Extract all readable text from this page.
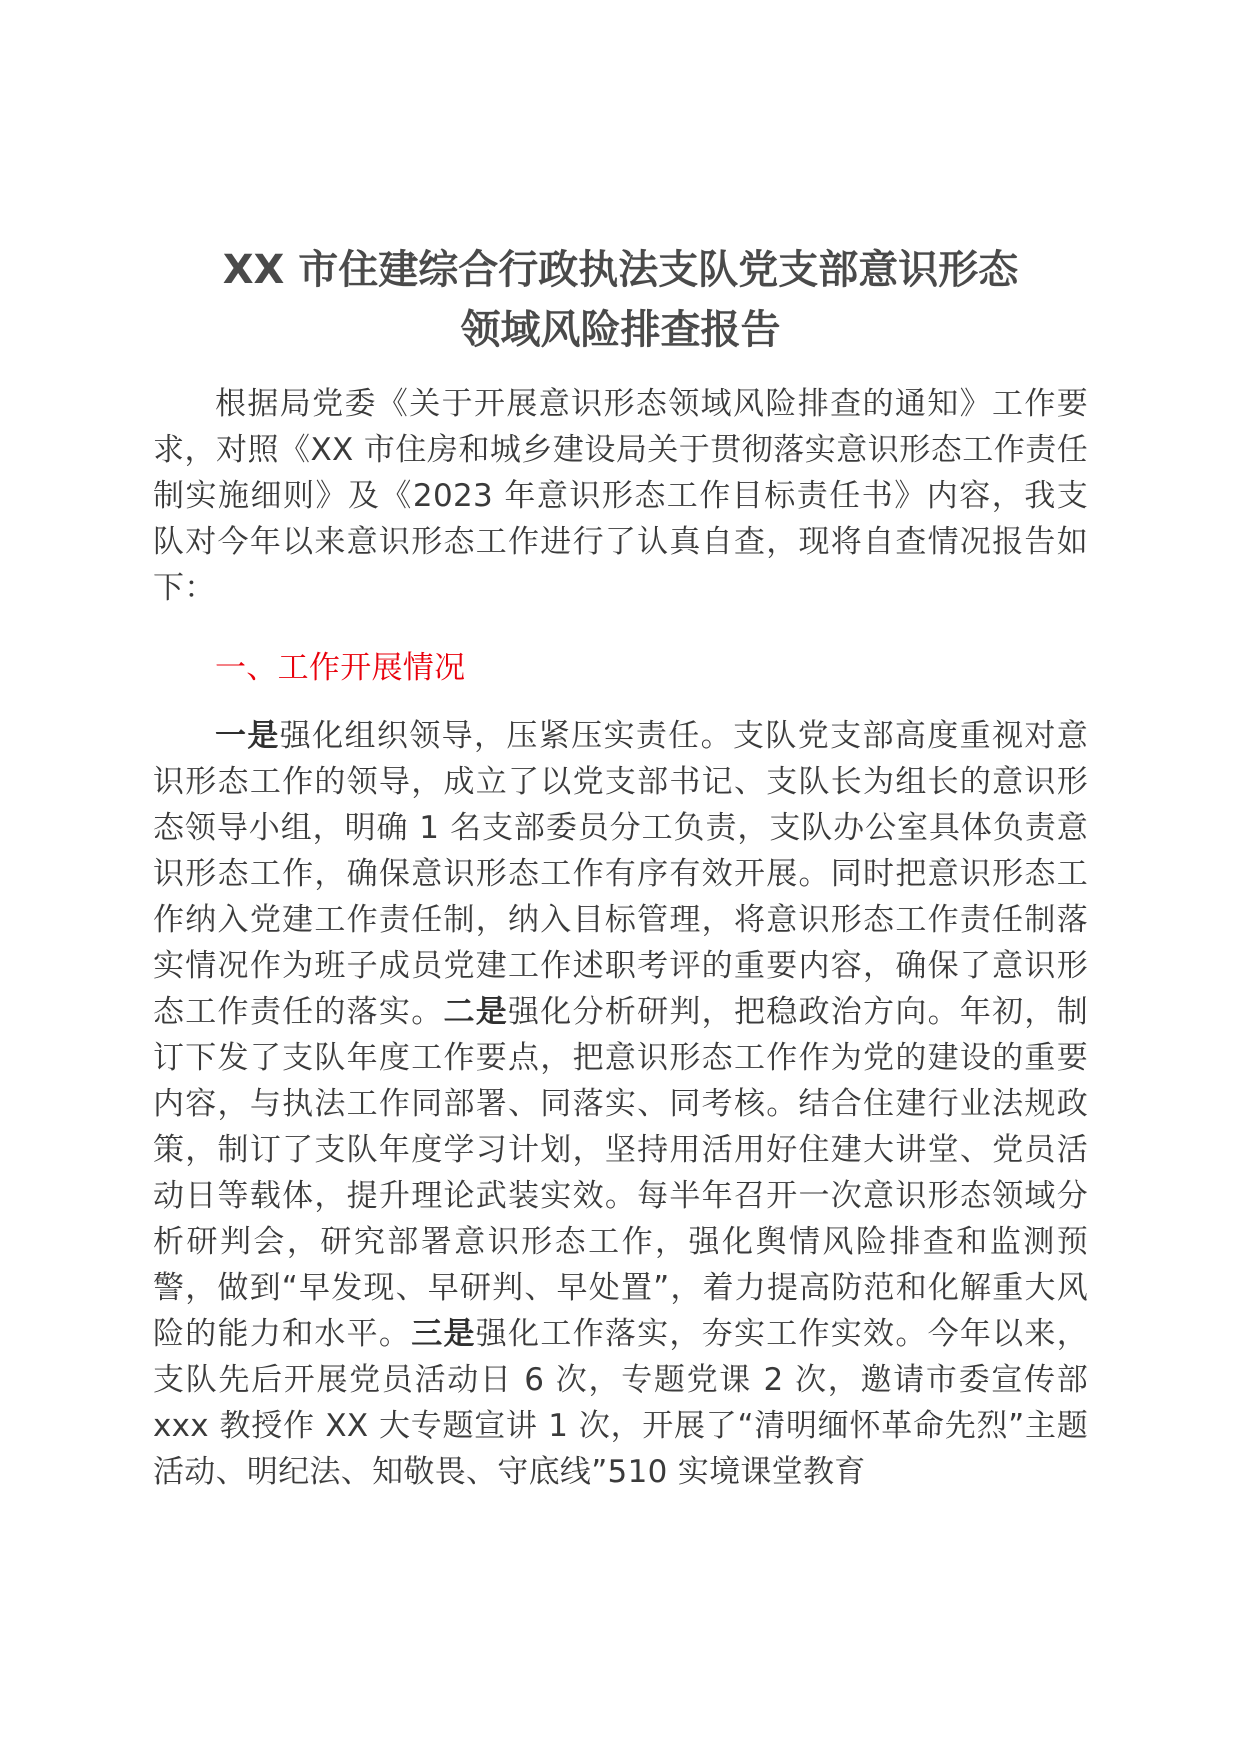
XX 市住建综合行政执法支队党支部意识形态
领域风险排查报告

根据局党委《关于开展意识形态领域风险排查的通知》工作要求，对照《XX 市住房和城乡建设局关于贯彻落实意识形态工作责任制实施细则》及《2023 年意识形态工作目标责任书》内容，我支队对今年以来意识形态工作进行了认真自查，现将自查情况报告如下：

一、工作开展情况

一是强化组织领导，压紧压实责任。支队党支部高度重视对意识形态工作的领导，成立了以党支部书记、支队长为组长的意识形态领导小组，明确 1 名支部委员分工负责，支队办公室具体负责意识形态工作，确保意识形态工作有序有效开展。同时把意识形态工作纳入党建工作责任制，纳入目标管理，将意识形态工作责任制落实情况作为班子成员党建工作述职考评的重要内容，确保了意识形态工作责任的落实。二是强化分析研判，把稳政治方向。年初，制订下发了支队年度工作要点，把意识形态工作作为党的建设的重要内容，与执法工作同部署、同落实、同考核。结合住建行业法规政策，制订了支队年度学习计划，坚持用活用好住建大讲堂、党员活动日等载体，提升理论武装实效。每半年召开一次意识形态领域分析研判会，研究部署意识形态工作，强化舆情风险排查和监测预警，做到“早发现、早研判、早处置”，着力提高防范和化解重大风险的能力和水平。三是强化工作落实，夯实工作实效。今年以来，支队先后开展党员活动日 6 次，专题党课 2 次，邀请市委宣传部 xxx 教授作 XX 大专题宣讲 1 次，开展了“清明缅怀革命先烈”主题活动、明纪法、知敬畏、守底线”510 实境课堂教育
